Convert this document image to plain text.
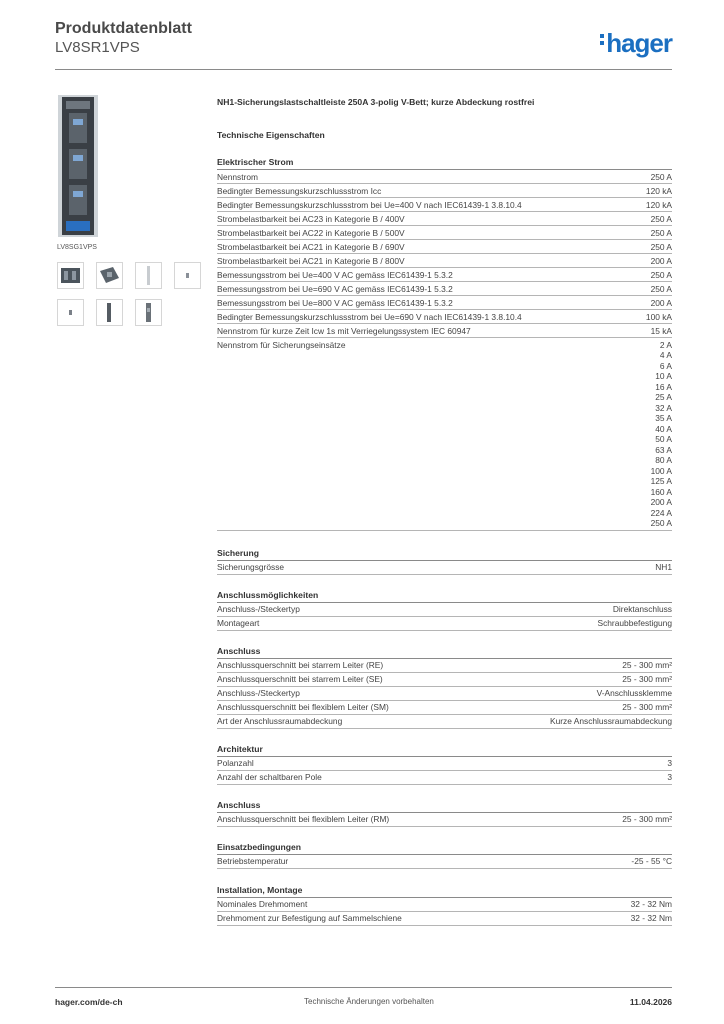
Produktdatenblatt
LV8SR1VPS	hager
LV8SG1VPS
NH1-Sicherungslastschaltleiste 250A 3-polig V-Bett; kurze Abdeckung rostfrei
Technische Eigenschaften
Elektrischer Strom
Nennstrom	250 A
Bedingter Bemessungskurzschlussstrom Icc	120 kA
Bedingter Bemessungskurzschlussstrom bei Ue=400 V nach IEC61439-1 3.8.10.4	120 kA
Strombelastbarkeit bei AC23 in Kategorie B / 400V	250 A
Strombelastbarkeit bei AC22 in Kategorie B / 500V	250 A
Strombelastbarkeit bei AC21 in Kategorie B / 690V	250 A
Strombelastbarkeit bei AC21 in Kategorie B / 800V	200 A
Bemessungsstrom bei Ue=400 V AC gemäss IEC61439-1 5.3.2	250 A
Bemessungsstrom bei Ue=690 V AC gemäss IEC61439-1 5.3.2	250 A
Bemessungsstrom bei Ue=800 V AC gemäss IEC61439-1 5.3.2	200 A
Bedingter Bemessungskurzschlussstrom bei Ue=690 V nach IEC61439-1 3.8.10.4	100 kA
Nennstrom für kurze Zeit Icw 1s mit Verriegelungssystem IEC 60947	15 kA
Nennstrom für Sicherungseinsätze	2 A
4 A
6 A
10 A
16 A
25 A
32 A
35 A
40 A
50 A
63 A
80 A
100 A
125 A
160 A
200 A
224 A
250 A
Sicherung
Sicherungsgrösse	NH1
Anschlussmöglichkeiten
Anschluss-/Steckertyp	Direktanschluss
Montageart	Schraubbefestigung
Anschluss
Anschlussquerschnitt bei starrem Leiter (RE)	25 - 300 mm²
Anschlussquerschnitt bei starrem Leiter (SE)	25 - 300 mm²
Anschluss-/Steckertyp	V-Anschlussklemme
Anschlussquerschnitt bei flexiblem Leiter (SM)	25 - 300 mm²
Art der Anschlussraumabdeckung	Kurze Anschlussraumabdeckung
Architektur
Polanzahl	3
Anzahl der schaltbaren Pole	3
Anschluss
Anschlussquerschnitt bei flexiblem Leiter (RM)	25 - 300 mm²
Einsatzbedingungen
Betriebstemperatur	-25 - 55 °C
Installation, Montage
Nominales Drehmoment	32 - 32 Nm
Drehmoment zur Befestigung auf Sammelschiene	32 - 32 Nm
hager.com/de-ch	Technische Änderungen vorbehalten	11.04.2026
